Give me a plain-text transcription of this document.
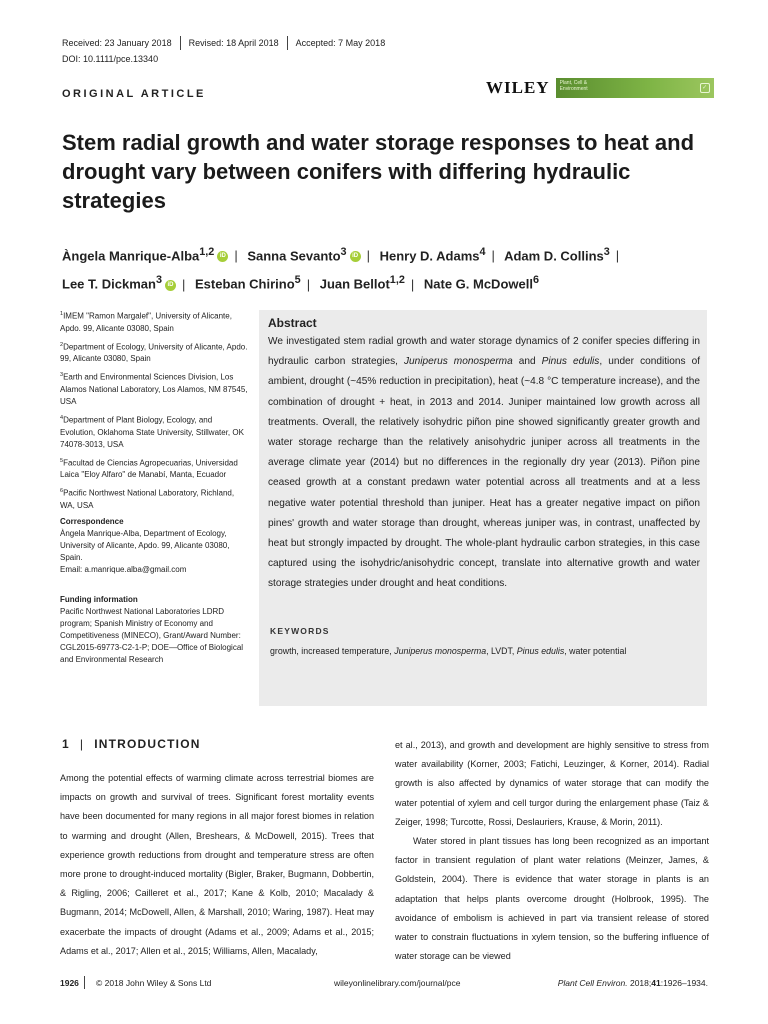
Received: 23 January 2018 Revised: 18 April 2018 Accepted: 7 May 2018
DOI: 10.1111/pce.13340
ORIGINAL ARTICLE	WILEY Plant, Cell & Environment	✓
Stem radial growth and water storage responses to heat and drought vary between conifers with differing hydraulic strategies
Àngela Manrique-Alba$^{1,2}$ iD | Sanna Sevanto$^3$ iD | Henry D. Adams$^4$ | Adam D. Collins$^3$ |
Lee T. Dickman$^3$ iD | Esteban Chirino$^5$ | Juan Bellot$^{1,2}$ | Nate G. McDowell$^6$
$^1$IMEM "Ramon Margalef", University of Alicante, Apdo. 99, Alicante 03080, Spain
$^2$Department of Ecology, University of Alicante, Apdo. 99, Alicante 03080, Spain
$^3$Earth and Environmental Sciences Division, Los Alamos National Laboratory, Los Alamos, NM 87545, USA
$^4$Department of Plant Biology, Ecology, and Evolution, Oklahoma State University, Stillwater, OK 74078-3013, USA
$^5$Facultad de Ciencias Agropecuarias, Universidad Laica "Eloy Alfaro" de Manabí, Manta, Ecuador
$^6$Pacific Northwest National Laboratory, Richland, WA, USA
Correspondence
Àngela Manrique-Alba, Department of Ecology, University of Alicante, Apdo. 99, Alicante 03080, Spain.
Email: a.manrique.alba@gmail.com
Funding information
Pacific Northwest National Laboratories LDRD program; Spanish Ministry of Economy and Competitiveness (MINECO), Grant/Award Number: CGL2015-69773-C2-1-P; DOE—Office of Biological and Environmental Research
Abstract
We investigated stem radial growth and water storage dynamics of 2 conifer species differing in hydraulic carbon strategies, Juniperus monosperma and Pinus edulis, under conditions of ambient, drought (~45% reduction in precipitation), heat (~4.8 °C temperature increase), and the combination of drought + heat, in 2013 and 2014. Juniper maintained low growth across all treatments. Overall, the relatively isohydric piñon pine showed significantly greater growth and water storage recharge than the relatively anisohydric juniper across all treatments in the average climate year (2014) but no differences in the regionally dry year (2013). Piñon pine ceased growth at a constant predawn water potential across all treatments and at a less negative water potential threshold than juniper. Heat has a greater negative impact on piñon pines' growth and water storage than drought, whereas juniper was, in contrast, unaffected by heat but strongly impacted by drought. The whole-plant hydraulic carbon strategies, in this case captured using the isohydric/anisohydric concept, translate into alternative growth and water storage strategies under drought and heat conditions.
KEYWORDS
growth, increased temperature, Juniperus monosperma, LVDT, Pinus edulis, water potential
1 | INTRODUCTION
Among the potential effects of warming climate across terrestrial biomes are impacts on growth and survival of trees. Significant forest mortality events have been documented for many regions in all major forest biomes in relation to warming and drought (Allen, Breshears, & McDowell, 2015). Trees that experience growth reductions from drought and temperature stress are often more prone to drought-induced mortality (Bigler, Braker, Bugmann, Dobbertin, & Rigling, 2006; Cailleret et al., 2017; Kane & Kolb, 2010; Macalady & Bugmann, 2014; McDowell, Allen, & Marshall, 2010; Waring, 1987). Heat may exacerbate the impacts of drought (Adams et al., 2009; Adams et al., 2015; Adams et al., 2017; Allen et al., 2015; Williams, Allen, Macalady,
et al., 2013), and growth and development are highly sensitive to stress from water availability (Korner, 2003; Fatichi, Leuzinger, & Korner, 2014). Radial growth is also affected by dynamics of water storage that can modify the water potential of xylem and cell turgor during the enlargement phase (Taiz & Zeiger, 1998; Turcotte, Rossi, Deslauriers, Krause, & Morin, 2011).
Water stored in plant tissues has long been recognized as an important factor in transient regulation of plant water relations (Meinzer, James, & Goldstein, 2004). There is evidence that water storage in plants is an adaptation that helps plants overcome drought (Holbrook, 1995). The avoidance of embolism is achieved in part via transient release of stored water to constrain fluctuations in xylem tension, so the buffering influence of water storage can be viewed
1926 © 2018 John Wiley & Sons Ltd	wileyonlinelibrary.com/journal/pce	Plant Cell Environ. 2018;41:1926–1934.
